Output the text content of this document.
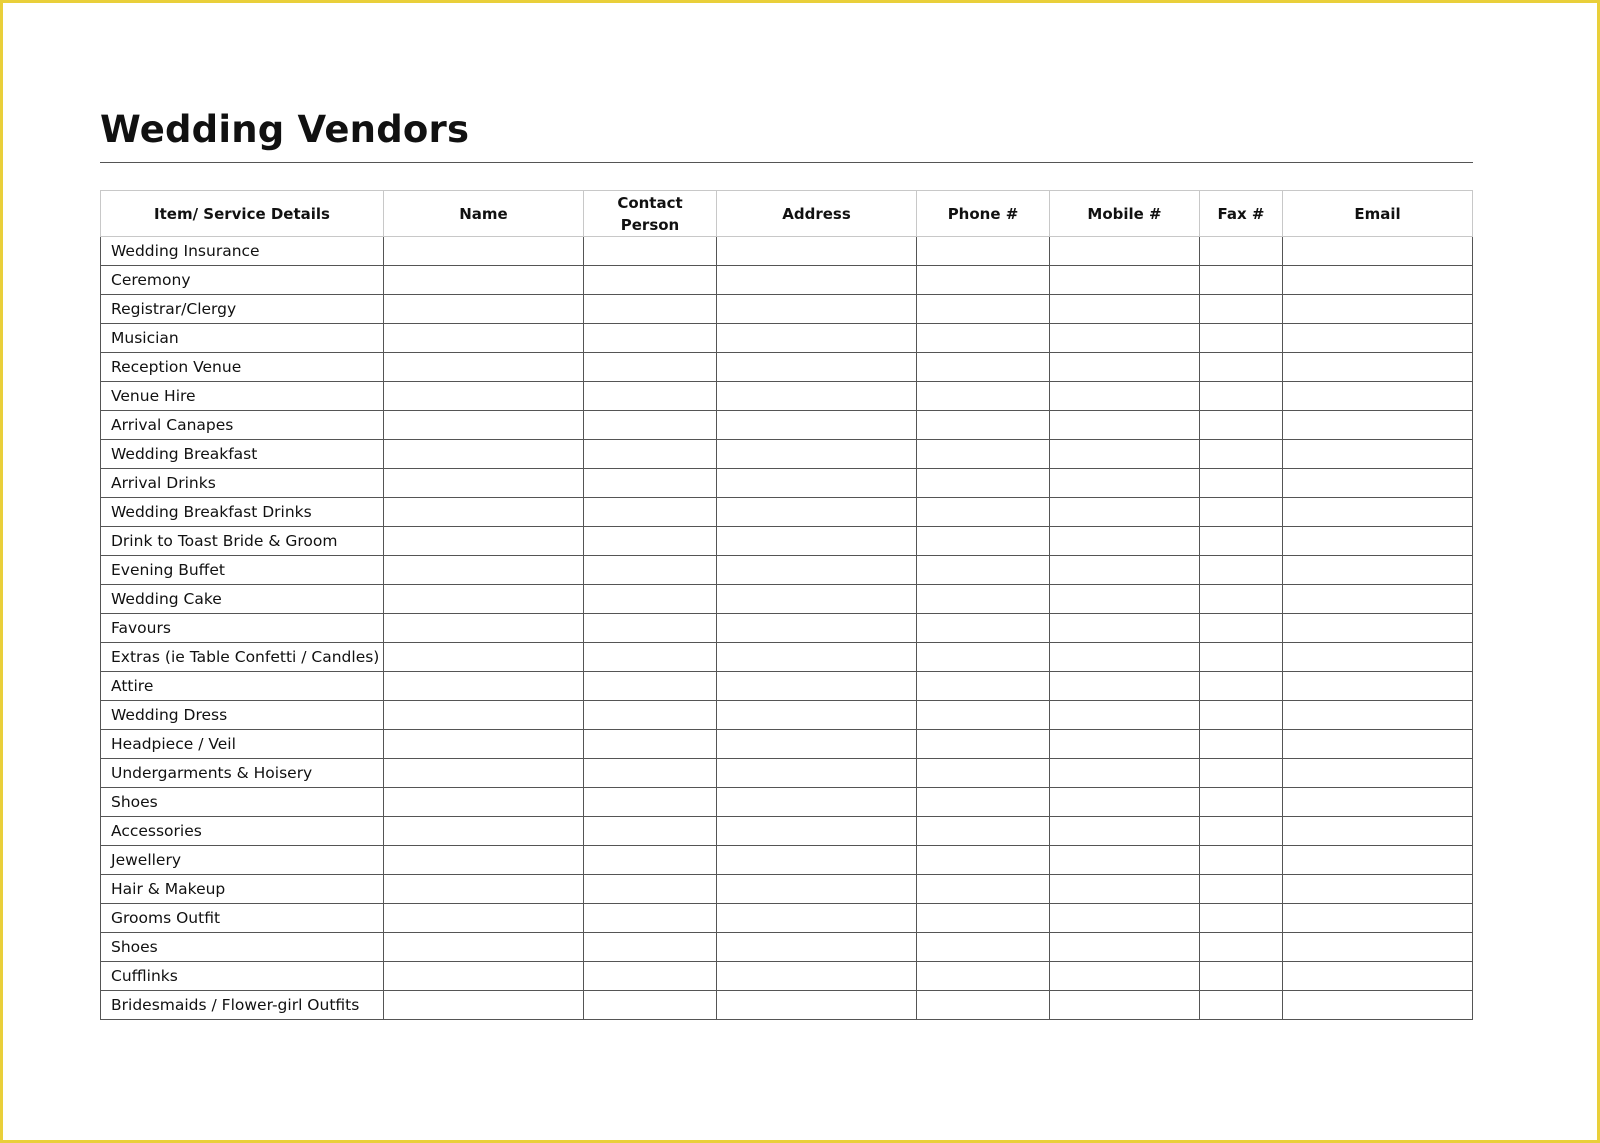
Wedding Vendors
Item/ Service Details	Name	Contact Person	Address	Phone #	Mobile #	Fax #	Email
Wedding Insurance							
Ceremony							
Registrar/Clergy							
Musician							
Reception Venue							
Venue Hire							
Arrival Canapes							
Wedding Breakfast							
Arrival Drinks							
Wedding Breakfast Drinks							
Drink to Toast Bride & Groom							
Evening Buffet							
Wedding Cake							
Favours							
Extras (ie Table Confetti / Candles)							
Attire							
Wedding Dress							
Headpiece / Veil							
Undergarments & Hoisery							
Shoes							
Accessories							
Jewellery							
Hair & Makeup							
Grooms Outfit							
Shoes							
Cufflinks							
Bridesmaids / Flower-girl Outfits							
